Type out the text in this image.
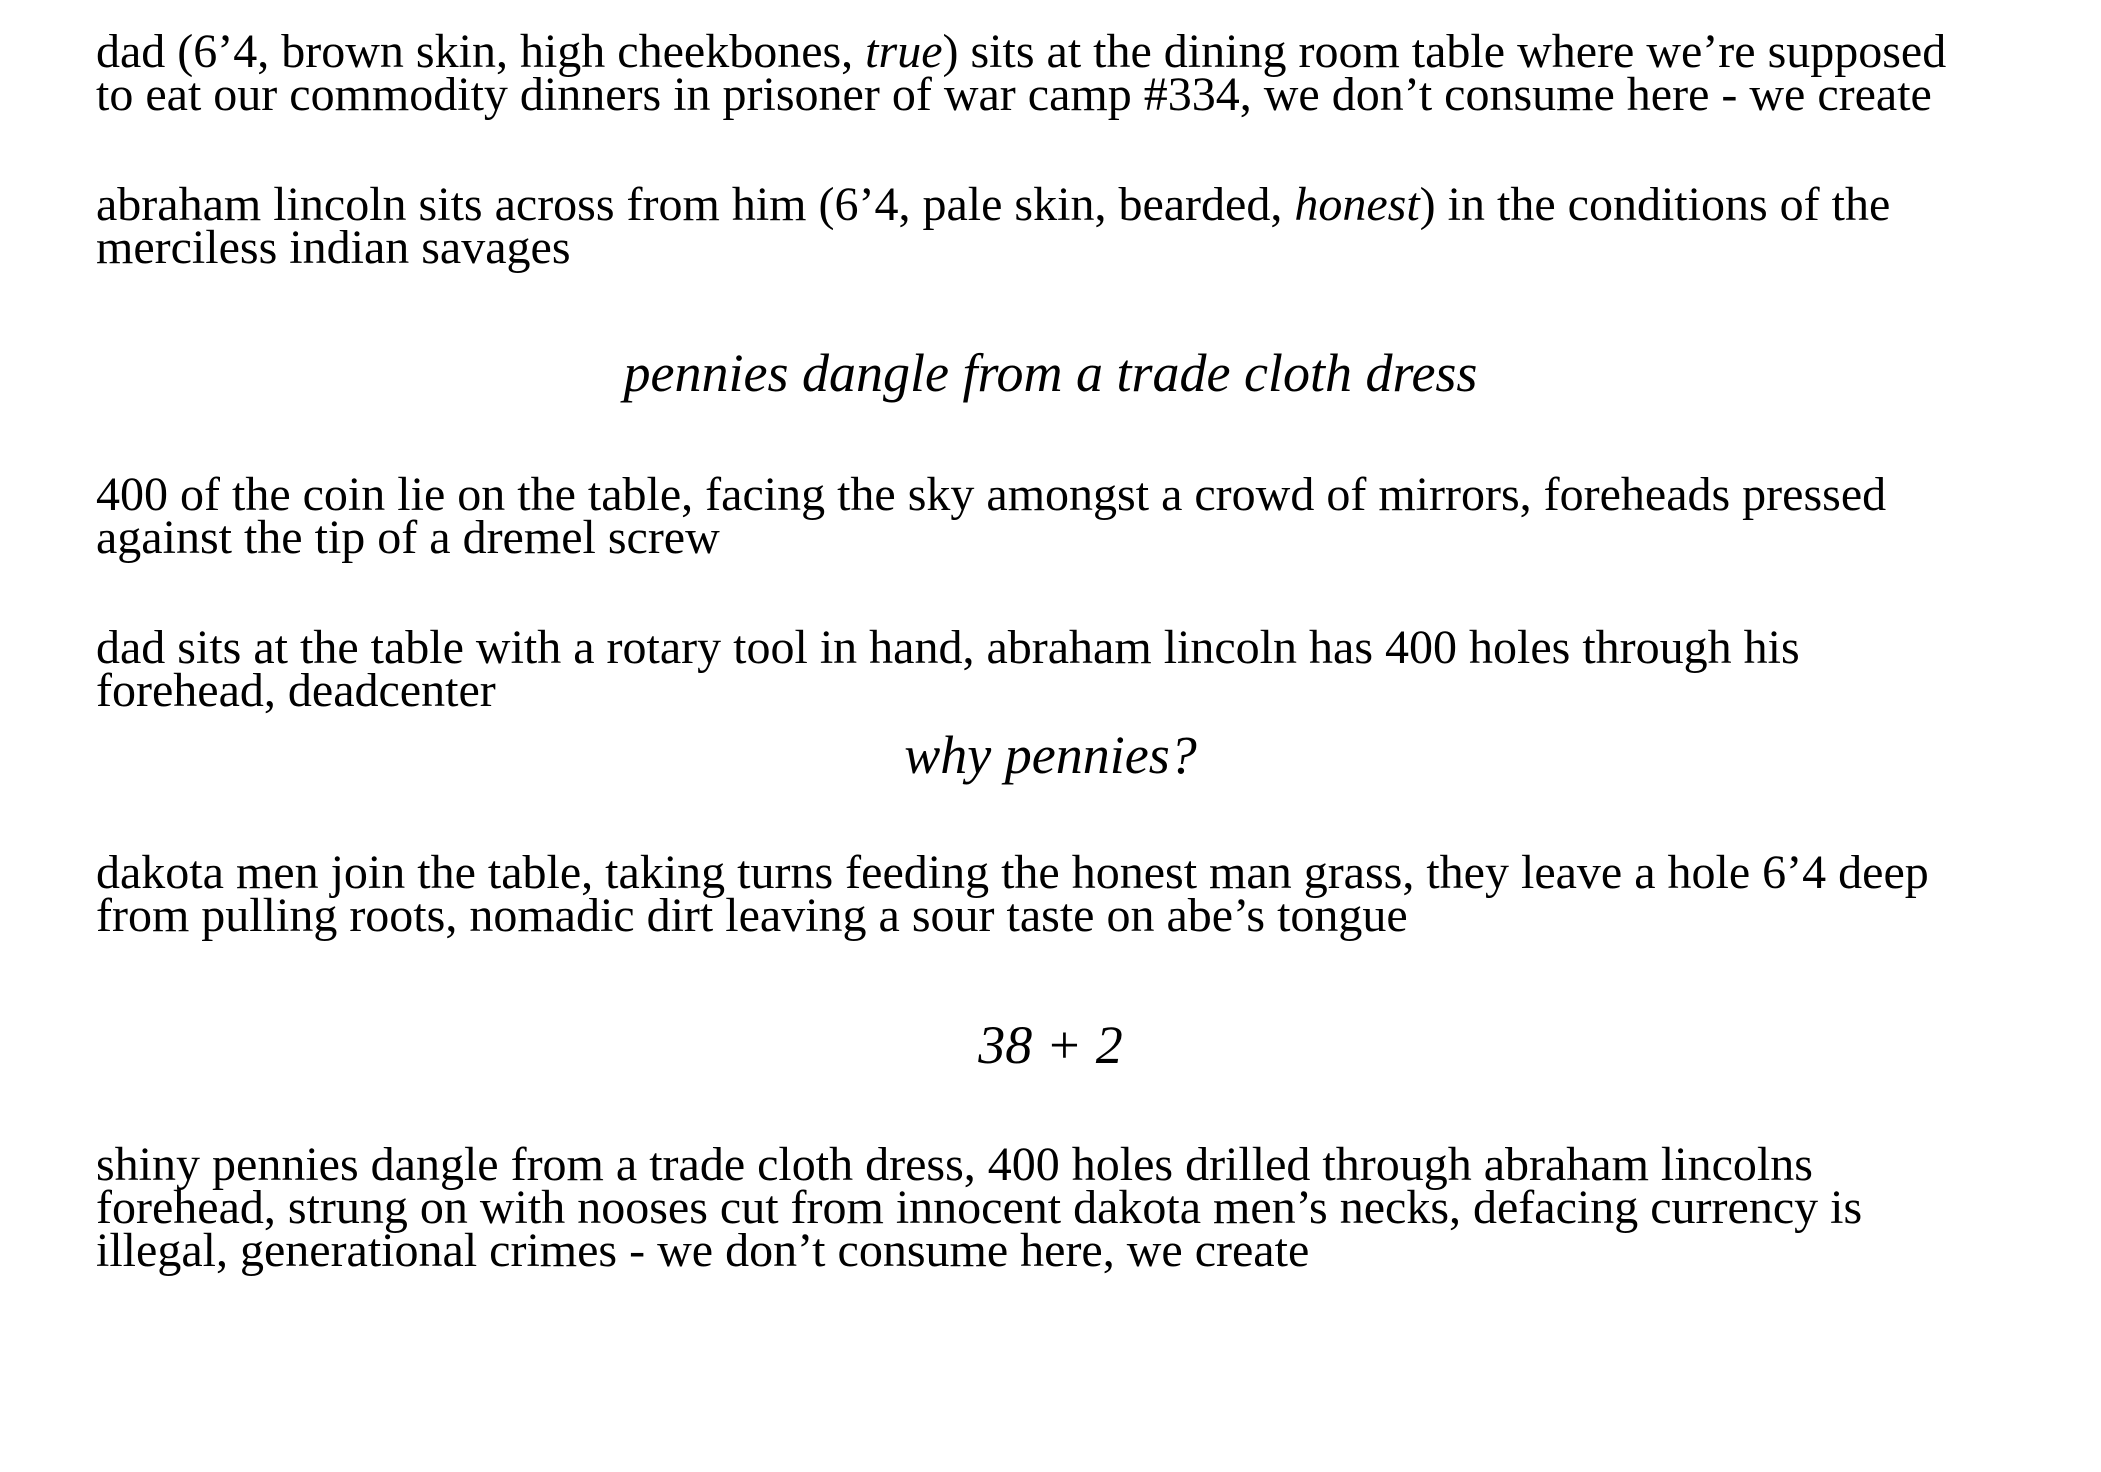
dad (6’4, brown skin, high cheekbones, true) sits at the dining room table where we’re supposed
to eat our commodity dinners in prisoner of war camp #334, we don’t consume here - we create

abraham lincoln sits across from him (6’4, pale skin, bearded, honest) in the conditions of the
merciless indian savages

pennies dangle from a trade cloth dress

400 of the coin lie on the table, facing the sky amongst a crowd of mirrors, foreheads pressed
against the tip of a dremel screw

dad sits at the table with a rotary tool in hand, abraham lincoln has 400 holes through his
forehead, deadcenter

why pennies?

dakota men join the table, taking turns feeding the honest man grass, they leave a hole 6’4 deep
from pulling roots, nomadic dirt leaving a sour taste on abe’s tongue

38 + 2

shiny pennies dangle from a trade cloth dress, 400 holes drilled through abraham lincolns
forehead, strung on with nooses cut from innocent dakota men’s necks, defacing currency is
illegal, generational crimes - we don’t consume here, we create
